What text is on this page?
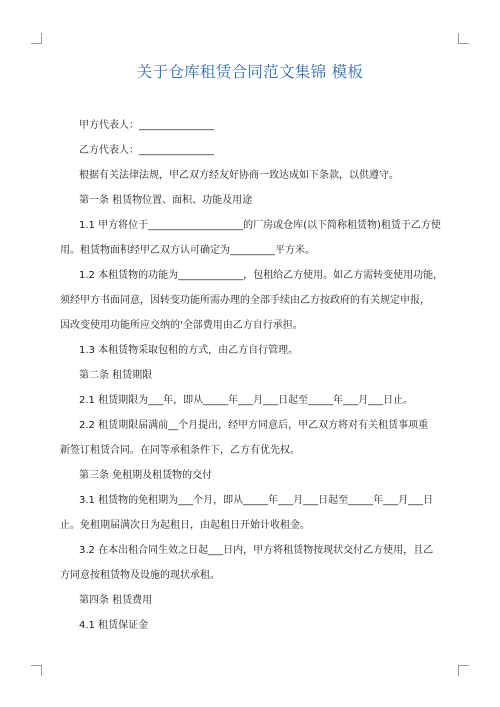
关于仓库租赁合同范文集锦 模板
甲方代表人：_______________
乙方代表人：_______________
根据有关法律法规，甲乙双方经友好协商一致达成如下条款，以供遵守。
第一条 租赁物位置、面积、功能及用途
1.1 甲方将位于___________________的厂房或仓库(以下简称租赁物)租赁于乙方使
用。租赁物面积经甲乙双方认可确定为_________平方米。
1.2 本租赁物的功能为_____________，包租给乙方使用。如乙方需转变使用功能，
须经甲方书面同意，因转变功能所需办理的全部手续由乙方按政府的有关规定申报，
因改变使用功能所应交纳的'全部费用由乙方自行承担。
1.3 本租赁物采取包租的方式，由乙方自行管理。
第二条 租赁期限
2.1 租赁期限为___年，即从_____年___月___日起至_____年___月___日止。
2.2 租赁期限届满前__个月提出，经甲方同意后，甲乙双方将对有关租赁事项重
新签订租赁合同。在同等承租条件下，乙方有优先权。
第三条 免租期及租赁物的交付
3.1 租赁物的免租期为___个月，即从_____年___月___日起至_____年___月___日
止。免租期届满次日为起租日，由起租日开始计收租金。
3.2 在本出租合同生效之日起___日内，甲方将租赁物按现状交付乙方使用，且乙
方同意按租赁物及设施的现状承租。
第四条 租赁费用
4.1 租赁保证金
